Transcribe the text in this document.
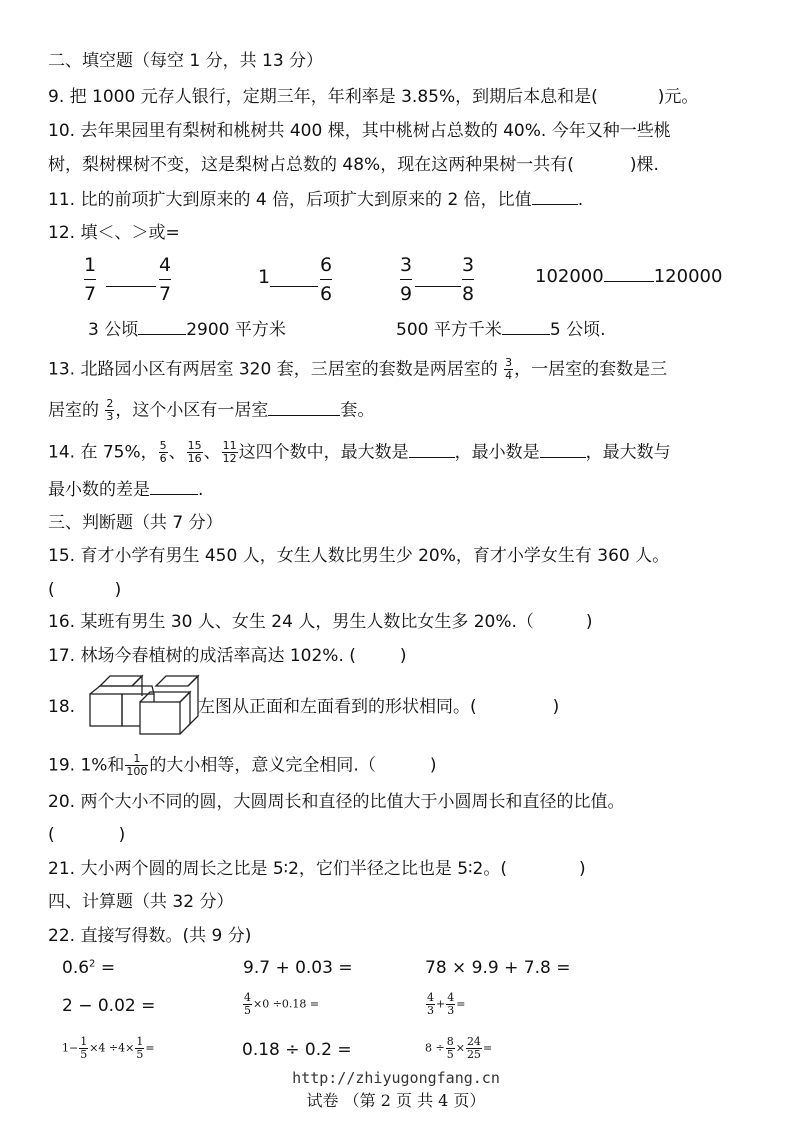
二、填空题（每空 1 分，共 13 分）
9. 把 1000 元存人银行，定期三年，年利率是 3.85%，到期后本息和是(	)元。
10. 去年果园里有梨树和桃树共 400 棵，其中桃树占总数的 40%. 今年又种一些桃
树，梨树棵树不变，这是梨树占总数的 48%，现在这两种果树一共有(	)棵.
11. 比的前项扩大到原来的 4 倍，后项扩大到原来的 2 倍，比值	.
12. 填＜、＞或=
$\frac{1}{7}$	$\frac{4}{7}$	1	$\frac{6}{6}$	$\frac{3}{9}$	$\frac{3}{8}$	102000	120000
3 公顷	2900 平方米	500 平方千米	5 公顷.
13. 北路园小区有两居室 320 套，三居室的套数是两居室的 $\frac{3}{4}$ ，一居室的套数是三
居室的 $\frac{2}{3}$ ，这个小区有一居室	套。
14. 在 75%， $\frac{5}{6}$ 、 $\frac{15}{16}$ 、 $\frac{11}{12}$ 这四个数中，最大数是	，最小数是	，最大数与
最小数的差是	.
三、判断题（共 7 分）
15. 育才小学有男生 450 人，女生人数比男生少 20%，育才小学女生有 360 人。
(	)
16. 某班有男生 30 人、女生 24 人，男生人数比女生多 20%.（	)
17. 林场今春植树的成活率高达 102%. (	)
18.	左图从正面和左面看到的形状相同。(	)
19. 1%和 $\frac{1}{100}$ 的大小相等，意义完全相同.（	)
20. 两个大小不同的圆，大圆周长和直径的比值大于小圆周长和直径的比值。
(	)
21. 大小两个圆的周长之比是 5∶2，它们半径之比也是 5∶2。(	)
四、计算题（共 32 分）
22. 直接写得数。(共 9 分)
$0.6^2$ =	9.7 + 0.03 =	78 × 9.9 + 7.8 =
2 − 0.02 =	$\frac{4}{5} \times 0 \div 0.18$ =	$\frac{4}{3} + \frac{4}{3}$ =
$1- \frac{1}{5} \times 4 \div 4\times \frac{1}{5}$ =	0.18 ÷ 0.2 =	$8 \div \frac{8}{5} \times \frac{24}{25}$ =
http://zhiyugongfang.cn
试卷 （第 2 页 共 4 页）
